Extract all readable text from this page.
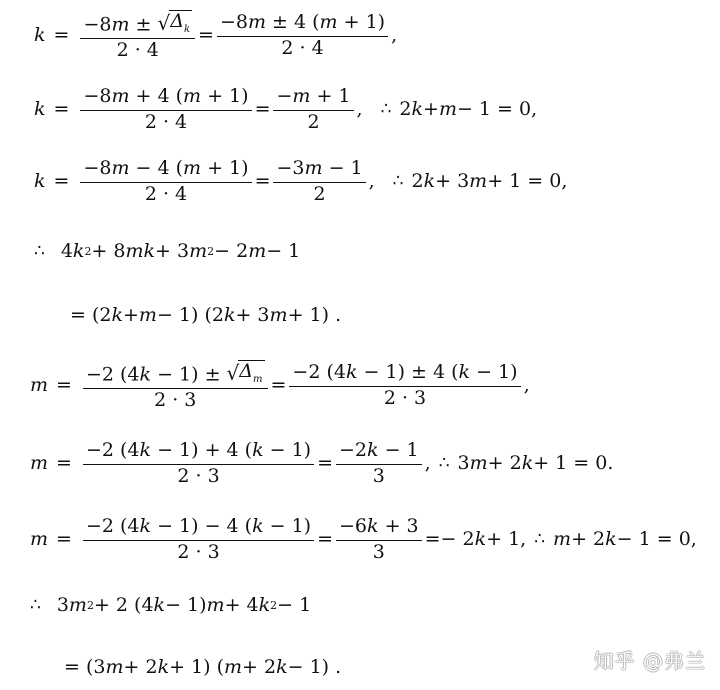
$k = \frac{-8m \pm √ \Delta_k}{2 \cdot 4} = \frac{-8m \pm 4 (m + 1)}{2 \cdot 4}$ ,
$k = \frac{-8m + 4 (m + 1)}{2 \cdot 4} = \frac{-m + 1}{2}$ , ∴ 2 k + m − 1 = 0,
$k = \frac{-8m - 4 (m + 1)}{2 \cdot 4} = \frac{-3m - 1}{2}$ , ∴ 2 k + 3 m + 1 = 0,
∴ 4 k 2 + 8 mk + 3 m 2 − 2 m − 1
= (2 k + m − 1) (2 k + 3 m + 1) .
$m = \frac{-2 (4k - 1) \pm √ \Delta_m}{2 \cdot 3} = \frac{-2 (4k - 1) \pm 4 (k - 1)}{2 \cdot 3}$ ,
$m = \frac{-2 (4k - 1) + 4 (k - 1)}{2 \cdot 3} = \frac{-2k - 1}{3}$ , ∴ 3 m + 2 k + 1 = 0.
$m = \frac{-2 (4k - 1) - 4 (k - 1)}{2 \cdot 3} = \frac{-6k + 3}{3} =- 2$ k + 1, ∴ m + 2 k − 1 = 0,
∴ 3 m 2 + 2 (4 k − 1) m + 4 k 2 − 1
= (3 m + 2 k + 1) ( m + 2 k − 1) .	知乎 @弗兰
